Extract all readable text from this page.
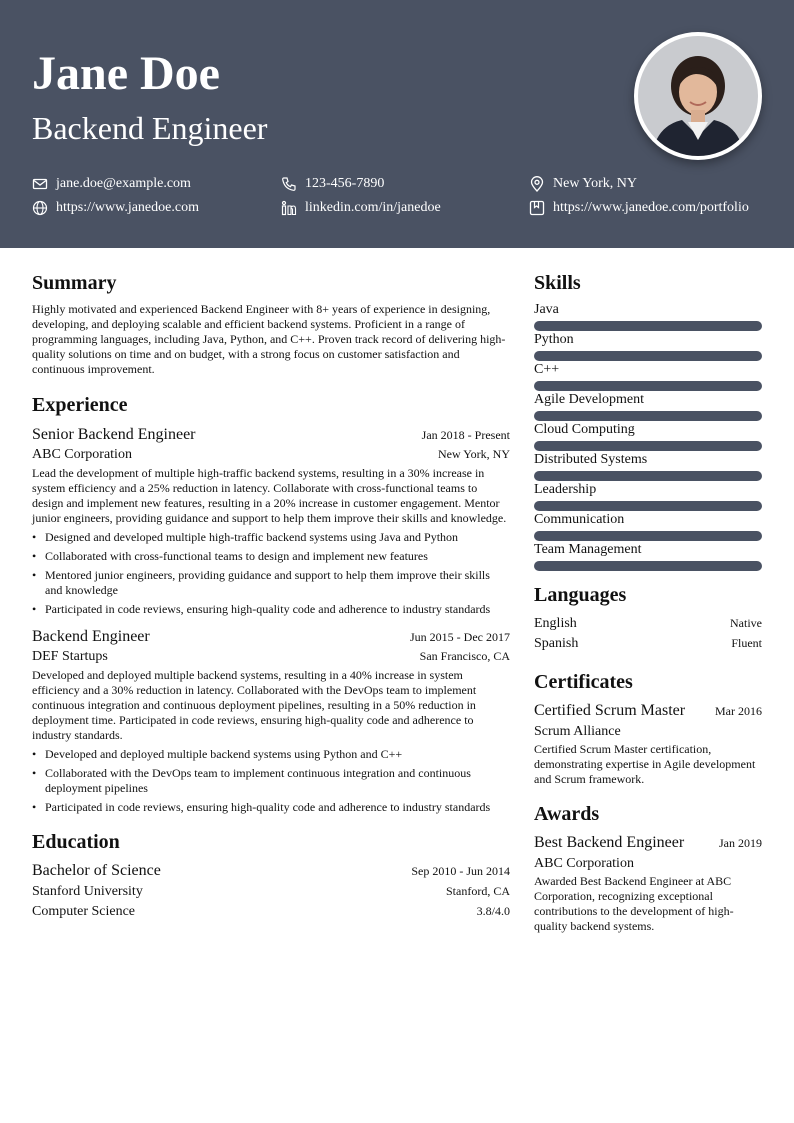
Jane Doe
Backend Engineer
jane.doe@example.com	123-456-7890	New York, NY
https://www.janedoe.com	linkedin.com/in/janedoe	https://www.janedoe.com/portfolio
Summary
Highly motivated and experienced Backend Engineer with 8+ years of experience in designing, developing, and deploying scalable and efficient backend systems. Proficient in a range of programming languages, including Java, Python, and C++. Proven track record of delivering high-quality solutions on time and on budget, with a strong focus on customer satisfaction and continuous improvement.
Experience
Senior Backend Engineer	Jan 2018 - Present
ABC Corporation	New York, NY
Lead the development of multiple high-traffic backend systems, resulting in a 30% increase in system efficiency and a 25% reduction in latency. Collaborate with cross-functional teams to design and implement new features, resulting in a 20% increase in customer engagement. Mentor junior engineers, providing guidance and support to help them improve their skills and knowledge.
• Designed and developed multiple high-traffic backend systems using Java and Python
• Collaborated with cross-functional teams to design and implement new features
• Mentored junior engineers, providing guidance and support to help them improve their skills and knowledge
• Participated in code reviews, ensuring high-quality code and adherence to industry standards
Backend Engineer	Jun 2015 - Dec 2017
DEF Startups	San Francisco, CA
Developed and deployed multiple backend systems, resulting in a 40% increase in system efficiency and a 30% reduction in latency. Collaborated with the DevOps team to implement continuous integration and continuous deployment pipelines, resulting in a 50% reduction in deployment time. Participated in code reviews, ensuring high-quality code and adherence to industry standards.
• Developed and deployed multiple backend systems using Python and C++
• Collaborated with the DevOps team to implement continuous integration and continuous deployment pipelines
• Participated in code reviews, ensuring high-quality code and adherence to industry standards
Education
Bachelor of Science	Sep 2010 - Jun 2014
Stanford University	Stanford, CA
Computer Science	3.8/4.0
Skills
Java
Python
C++
Agile Development
Cloud Computing
Distributed Systems
Leadership
Communication
Team Management
Languages
English	Native
Spanish	Fluent
Certificates
Certified Scrum Master Mar 2016
Scrum Alliance
Certified Scrum Master certification, demonstrating expertise in Agile development and Scrum framework.
Awards
Best Backend Engineer	Jan 2019
ABC Corporation
Awarded Best Backend Engineer at ABC Corporation, recognizing exceptional contributions to the development of high-quality backend systems.
